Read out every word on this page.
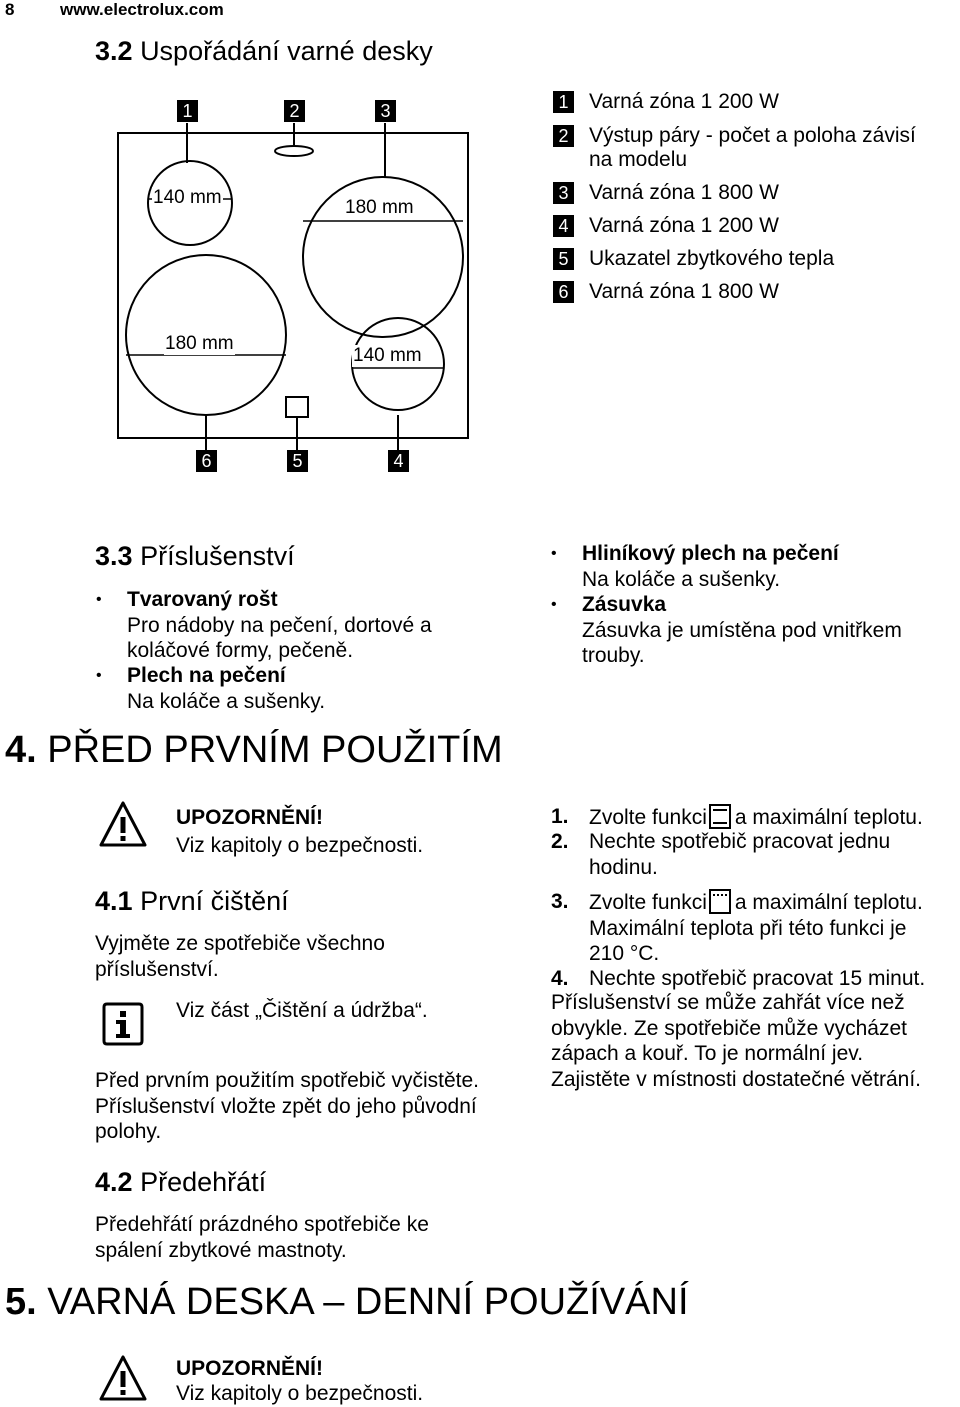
8	www.electrolux.com
3.2 Uspořádání varné desky
1	2	3
6	5	4
140 mm	180 mm
180 mm
140 mm
1 Varná zóna 1 200 W
2 Výstup páry - počet a poloha závisí
na modelu
3 Varná zóna 1 800 W
4 Varná zóna 1 200 W
5 Ukazatel zbytkového tepla
6 Varná zóna 1 800 W
3.3 Příslušenství
• Tvarovaný rošt
Pro nádoby na pečení, dortové a
koláčové formy, pečeně.
• Plech na pečení
Na koláče a sušenky.
• Hliníkový plech na pečení
Na koláče a sušenky.
• Zásuvka
Zásuvka je umístěna pod vnitřkem
trouby.
4. PŘED PRVNÍM POUŽITÍM
UPOZORNĚNÍ!
Viz kapitoly o bezpečnosti.
4.1 První čištění
Vyjměte ze spotřebiče všechno
příslušenství.
Viz část „Čištění a údržba“.
Před prvním použitím spotřebič vyčistěte.
Příslušenství vložte zpět do jeho původní
polohy.
4.2 Předehřátí
Předehřátí prázdného spotřebiče ke
spálení zbytkové mastnoty.
1. Zvolte funkci a maximální teplotu.
2. Nechte spotřebič pracovat jednu
hodinu.
3. Zvolte funkci a maximální teplotu.
Maximální teplota při této funkci je
210 °C.
4. Nechte spotřebič pracovat 15 minut.
Příslušenství se může zahřát více než
obvykle. Ze spotřebiče může vycházet
zápach a kouř. To je normální jev.
Zajistěte v místnosti dostatečné větrání.
5. VARNÁ DESKA – DENNÍ POUŽÍVÁNÍ
UPOZORNĚNÍ!
Viz kapitoly o bezpečnosti.
